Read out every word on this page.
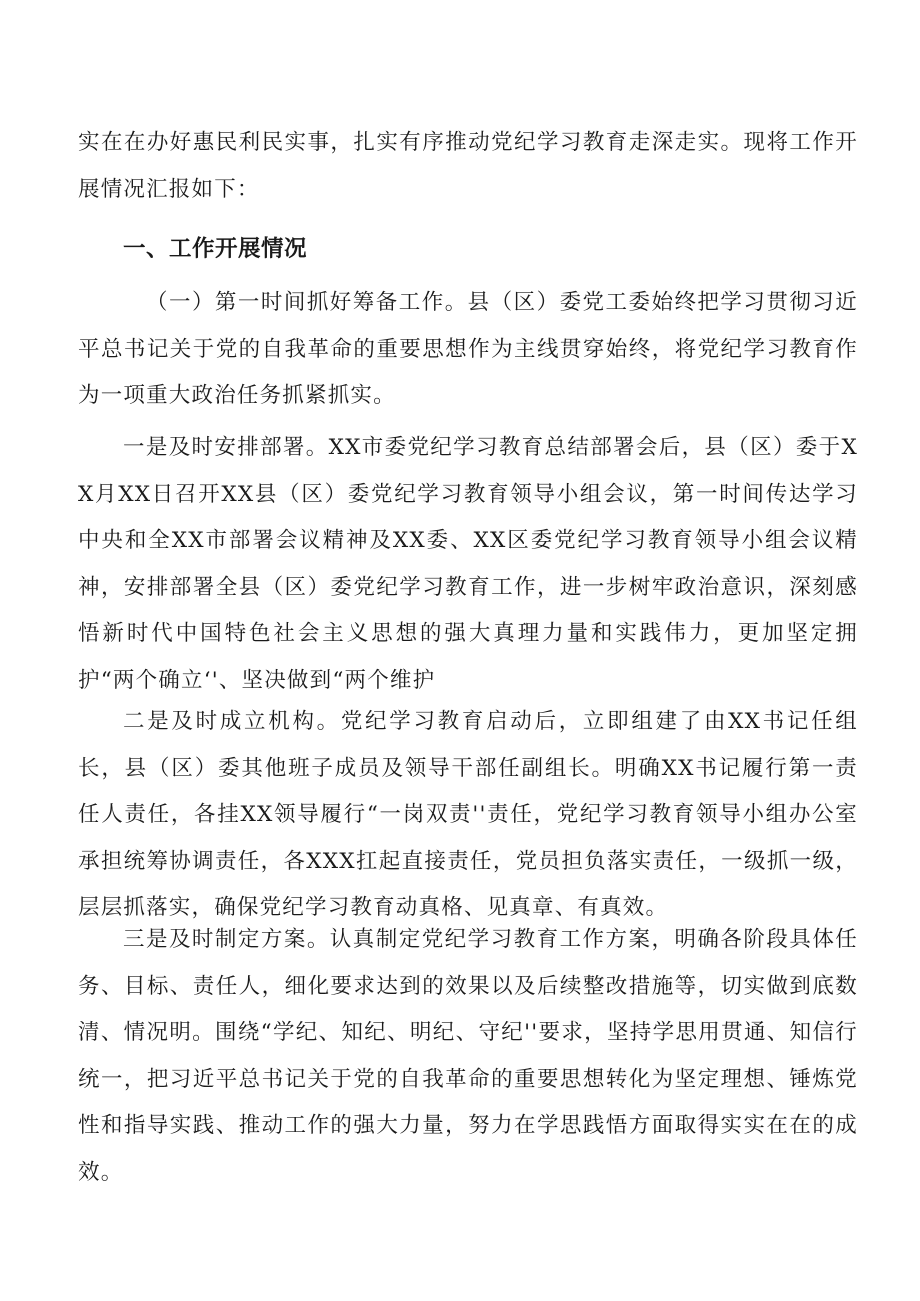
实在在办好惠民利民实事，扎实有序推动党纪学习教育走深走实。现将工作开展情况汇报如下：

一、工作开展情况

（一）第一时间抓好筹备工作。县（区）委党工委始终把学习贯彻习近平总书记关于党的自我革命的重要思想作为主线贯穿始终，将党纪学习教育作为一项重大政治任务抓紧抓实。

一是及时安排部署。XX市委党纪学习教育总结部署会后，县（区）委于XX月XX日召开XX县（区）委党纪学习教育领导小组会议，第一时间传达学习中央和全XX市部署会议精神及XX委、XX区委党纪学习教育领导小组会议精神，安排部署全县（区）委党纪学习教育工作，进一步树牢政治意识，深刻感悟新时代中国特色社会主义思想的强大真理力量和实践伟力，更加坚定拥护“两个确立‘'、坚决做到“两个维护

二是及时成立机构。党纪学习教育启动后，立即组建了由XX书记任组长，县（区）委其他班子成员及领导干部任副组长。明确XX书记履行第一责任人责任，各挂XX领导履行“一岗双责''责任，党纪学习教育领导小组办公室承担统筹协调责任，各XXX扛起直接责任，党员担负落实责任，一级抓一级，层层抓落实，确保党纪学习教育动真格、见真章、有真效。

三是及时制定方案。认真制定党纪学习教育工作方案，明确各阶段具体任务、目标、责任人，细化要求达到的效果以及后续整改措施等，切实做到底数清、情况明。围绕“学纪、知纪、明纪、守纪''要求，坚持学思用贯通、知信行统一，把习近平总书记关于党的自我革命的重要思想转化为坚定理想、锤炼党性和指导实践、推动工作的强大力量，努力在学思践悟方面取得实实在在的成效。
